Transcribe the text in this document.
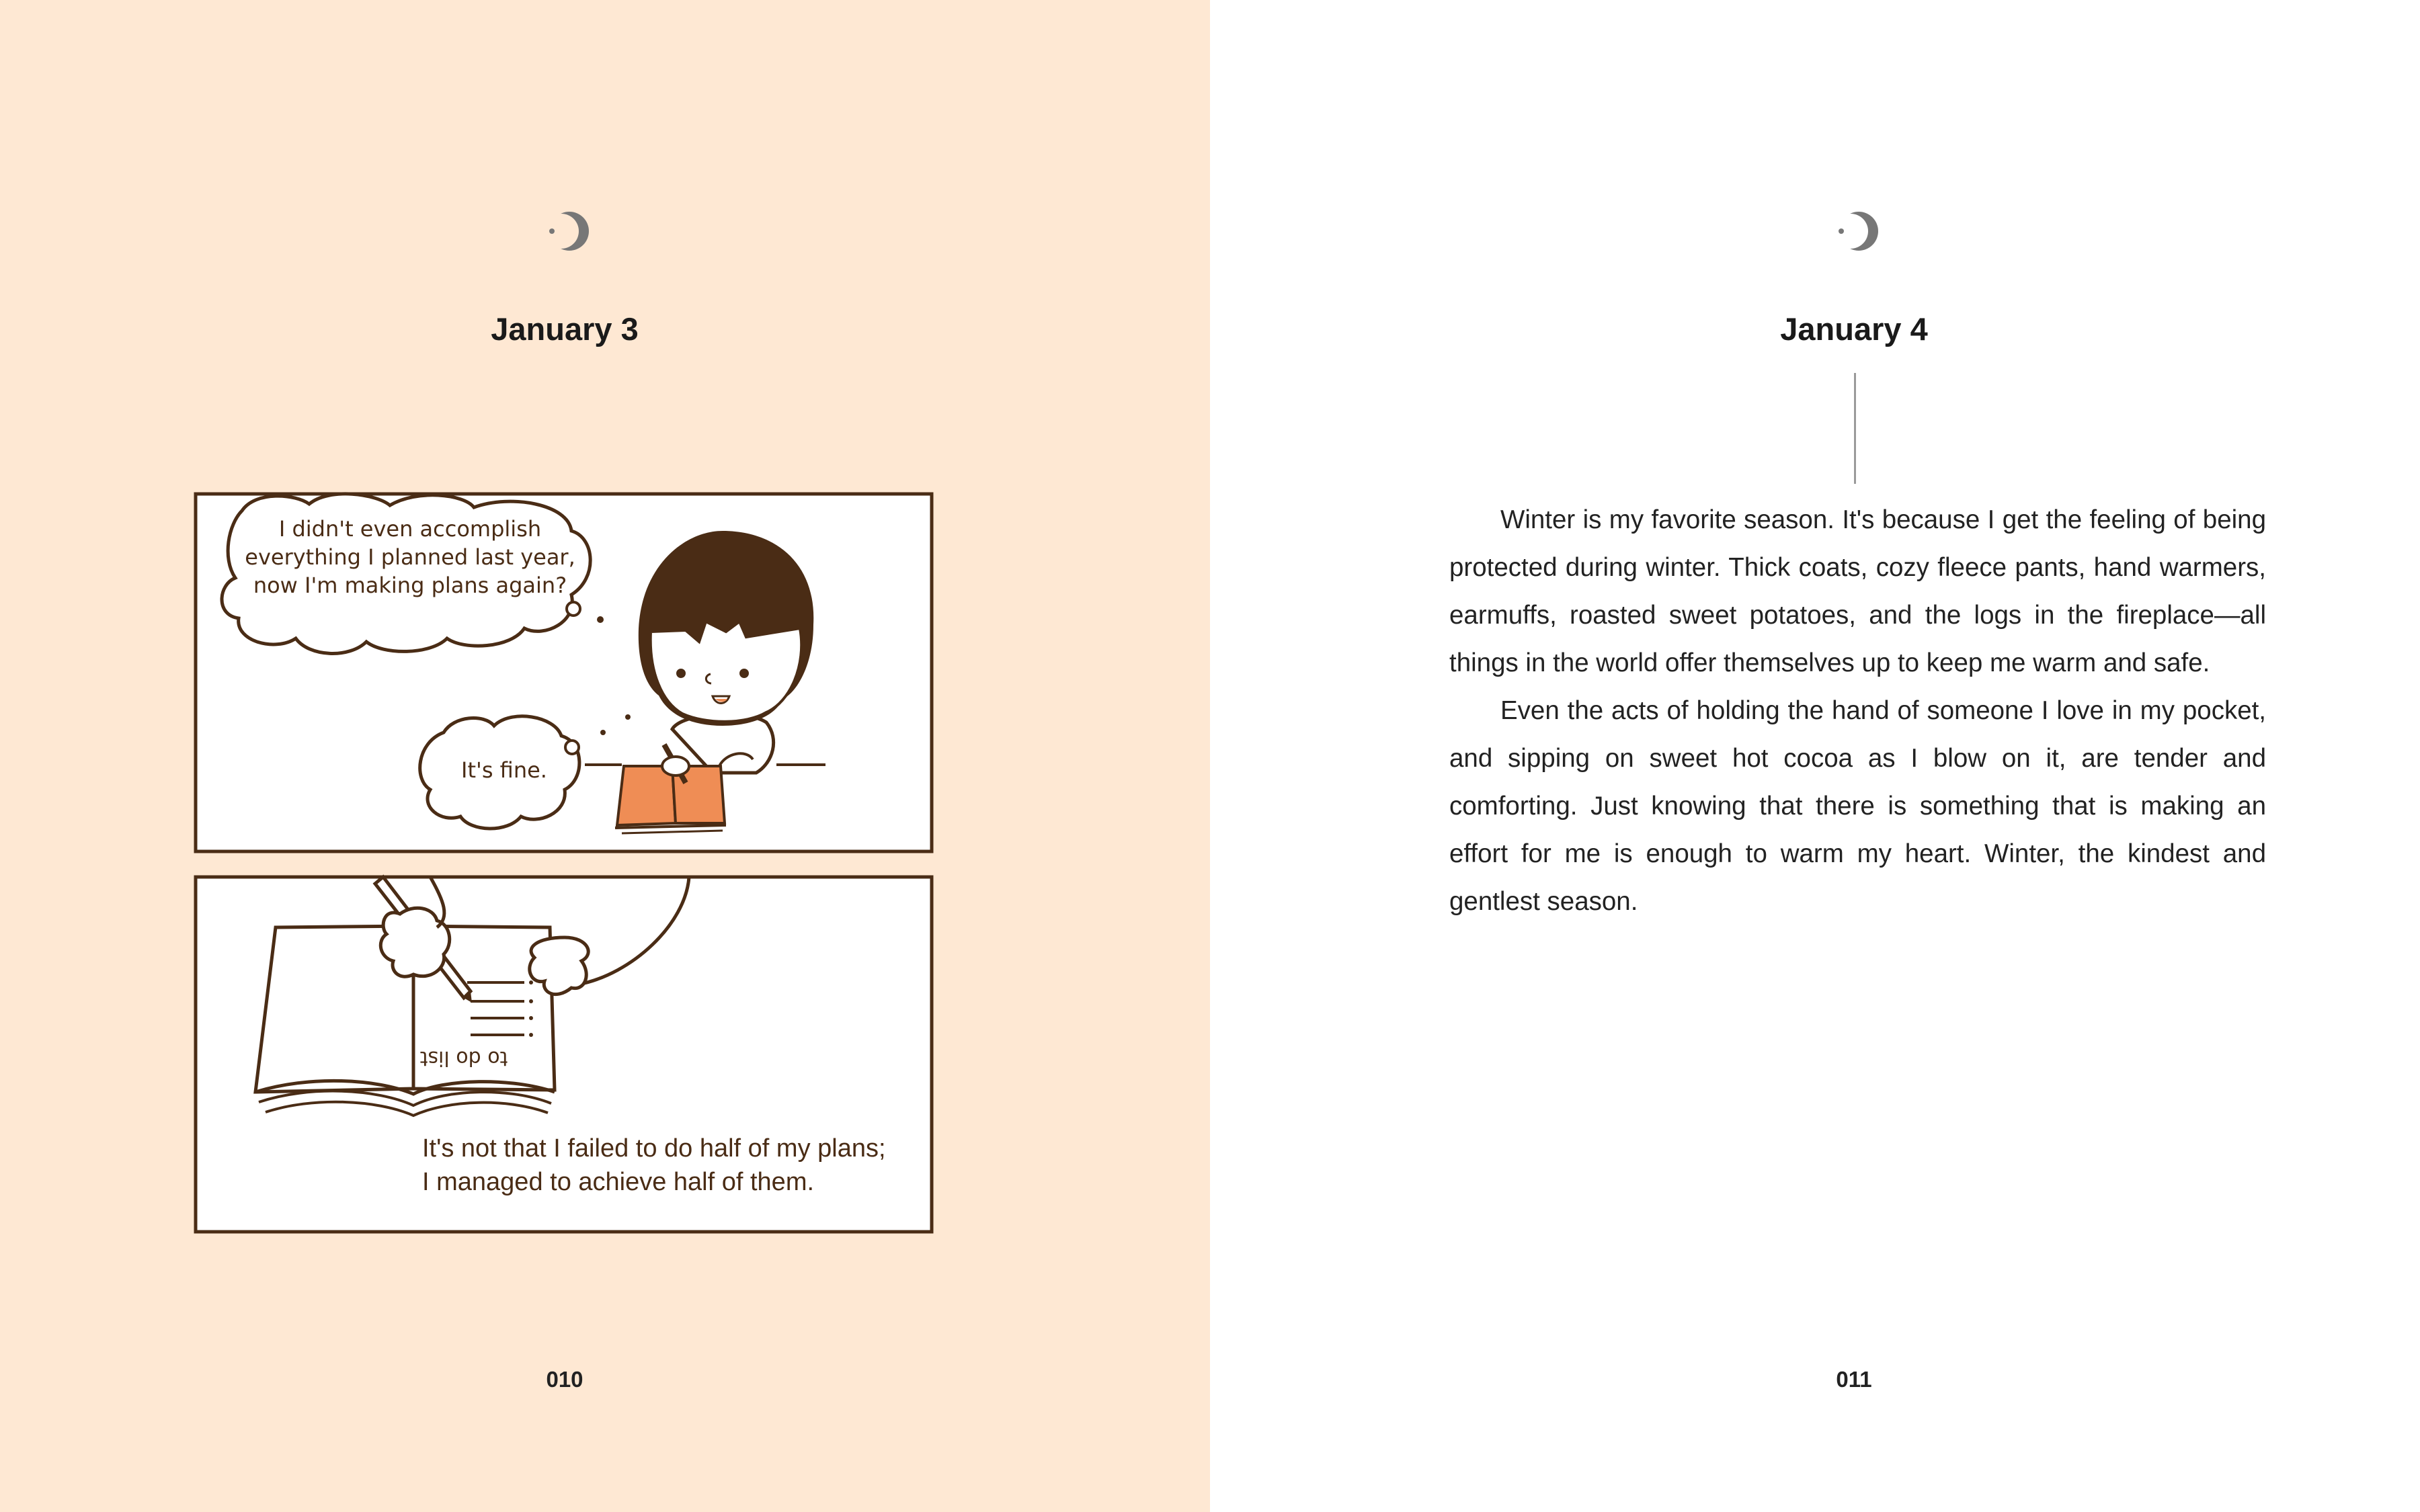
January 3
I didn't even accomplish
everything I planned last year,
now I'm making plans again?
It's fine.
to do list
It's not that I failed to do half of my plans;
I managed to achieve half of them.
010
January 4

Winter is my favorite season. It's because I get the feeling of being protected during winter. Thick coats, cozy fleece pants, hand warmers, earmuffs, roasted sweet potatoes, and the logs in the fireplace—all things in the world offer themselves up to keep me warm and safe.

Even the acts of holding the hand of someone I love in my pocket, and sipping on sweet hot cocoa as I blow on it, are tender and comforting. Just knowing that there is something that is making an effort for me is enough to warm my heart. Winter, the kindest and gentlest season.

011
